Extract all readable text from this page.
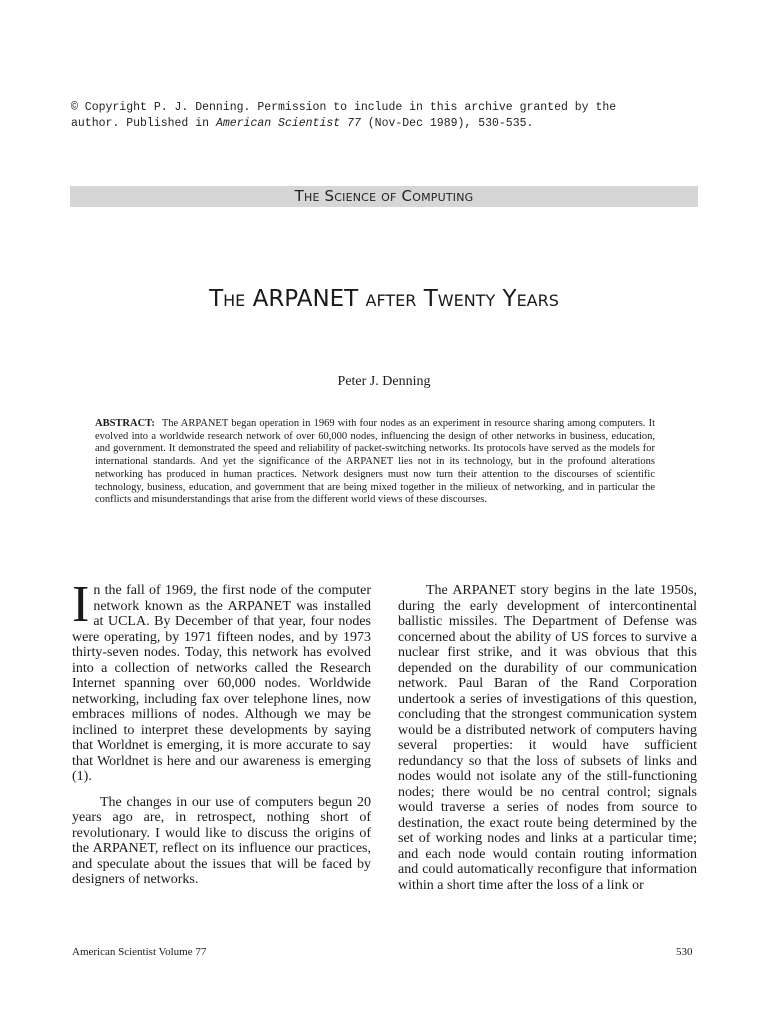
© Copyright P. J. Denning. Permission to include in this archive granted by the
author. Published in American Scientist 77 (Nov-Dec 1989), 530-535.
The Science of Computing
The ARPANET after Twenty Years
Peter J. Denning
ABSTRACT: The ARPANET began operation in 1969 with four nodes as an experiment in resource sharing among computers. It evolved into a worldwide research network of over 60,000 nodes, influencing the design of other networks in business, education, and government. It demonstrated the speed and reliability of packet-switching networks. Its protocols have served as the models for international standards. And yet the significance of the ARPANET lies not in its technology, but in the profound alterations networking has produced in human practices. Network designers must now turn their attention to the discourses of scientific technology, business, education, and government that are being mixed together in the milieux of networking, and in particular the conflicts and misunderstandings that arise from the different world views of these discourses.

I n the fall of 1969, the first node of the computer network known as the ARPANET was installed at UCLA. By December of that year, four nodes were operating, by 1971 fifteen nodes, and by 1973 thirty-seven nodes. Today, this network has evolved into a collection of networks called the Research Internet spanning over 60,000 nodes. Worldwide networking, including fax over telephone lines, now embraces millions of nodes. Although we may be inclined to interpret these developments by saying that Worldnet is emerging, it is more accurate to say that Worldnet is here and our awareness is emerging (1).

The changes in our use of computers begun 20 years ago are, in retrospect, nothing short of revolutionary. I would like to discuss the origins of the ARPANET, reflect on its influence our practices, and speculate about the issues that will be faced by designers of networks.

The ARPANET story begins in the late 1950s, during the early development of intercontinental ballistic missiles. The Department of Defense was concerned about the ability of US forces to survive a nuclear first strike, and it was obvious that this depended on the durability of our communication network. Paul Baran of the Rand Corporation undertook a series of investigations of this question, concluding that the strongest communication system would be a distributed network of computers having several properties: it would have sufficient redundancy so that the loss of subsets of links and nodes would not isolate any of the still-functioning nodes; there would be no central control; signals would traverse a series of nodes from source to destination, the exact route being determined by the set of working nodes and links at a particular time; and each node would contain routing information and could automatically reconfigure that information within a short time after the loss of a link or

American Scientist Volume 77	530
